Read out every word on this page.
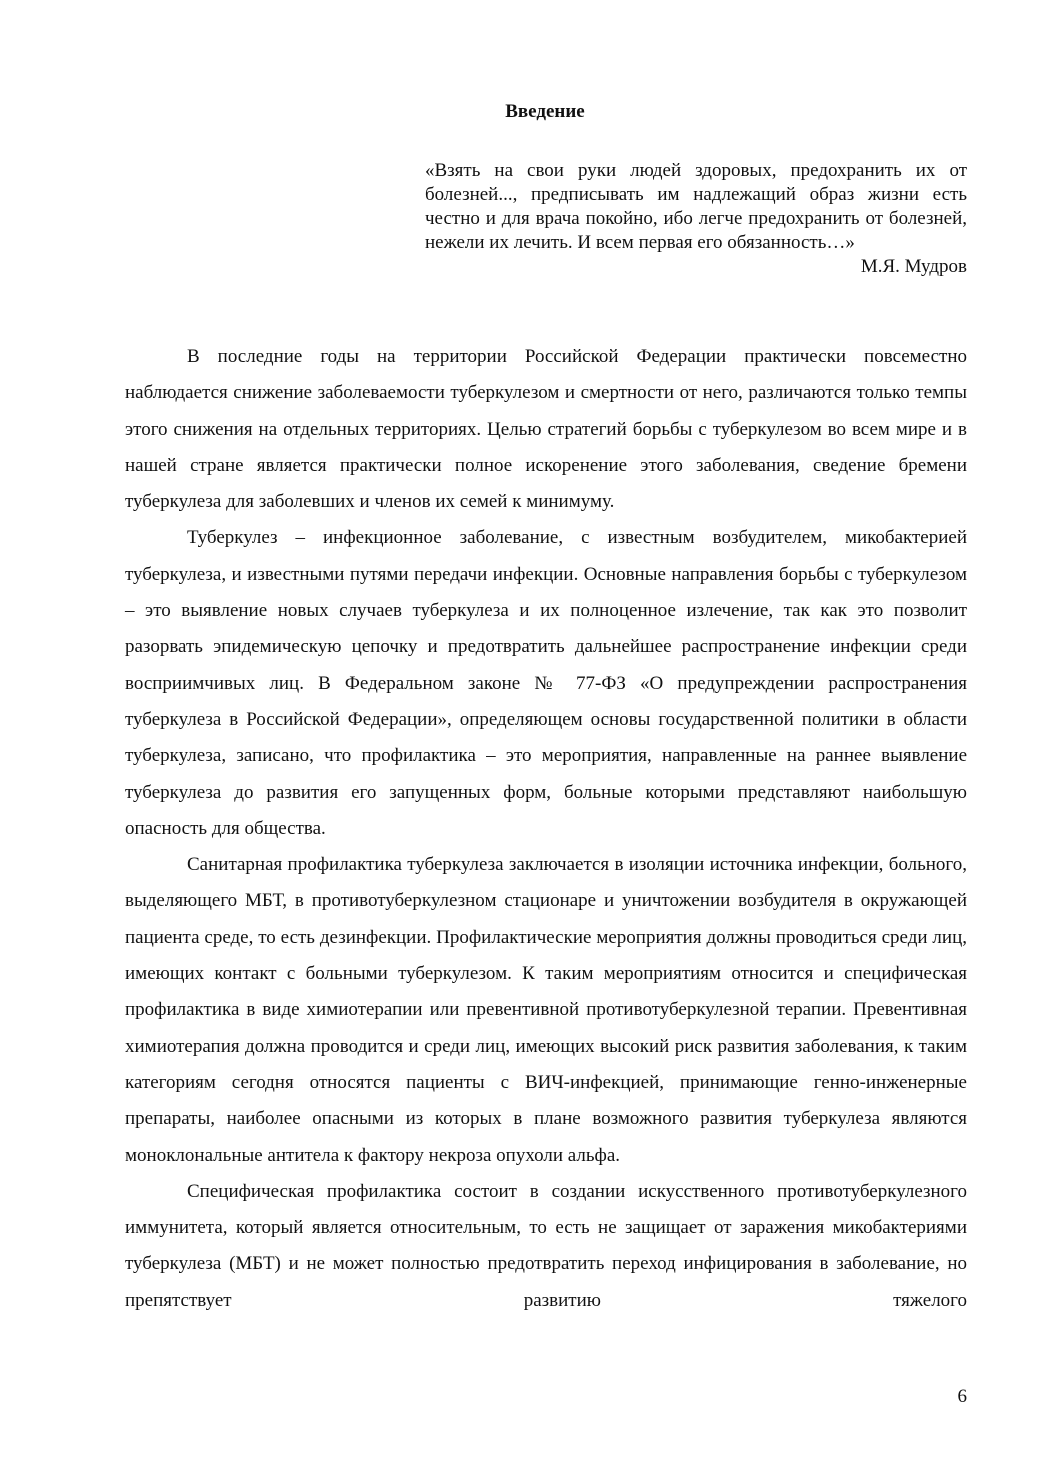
Введение

«Взять на свои руки людей здоровых, предохранить их от болезней..., предписывать им надлежащий образ жизни есть честно и для врача покойно, ибо легче предохранить от болезней, нежели их лечить. И всем первая его обязанность…»

М.Я. Мудров

В последние годы на территории Российской Федерации практически повсеместно наблюдается снижение заболеваемости туберкулезом и смертности от него, различаются только темпы этого снижения на отдельных территориях. Целью стратегий борьбы с туберкулезом во всем мире и в нашей стране является практически полное искоренение этого заболевания, сведение бремени туберкулеза для заболевших и членов их семей к минимуму.

Туберкулез – инфекционное заболевание, с известным возбудителем, микобактерией туберкулеза, и известными путями передачи инфекции. Основные направления борьбы с туберкулезом – это выявление новых случаев туберкулеза и их полноценное излечение, так как это позволит разорвать эпидемическую цепочку и предотвратить дальнейшее распространение инфекции среди восприимчивых лиц. В Федеральном законе № 77-ФЗ «О предупреждении распространения туберкулеза в Российской Федерации», определяющем основы государственной политики в области туберкулеза, записано, что профилактика – это мероприятия, направленные на раннее выявление туберкулеза до развития его запущенных форм, больные которыми представляют наибольшую опасность для общества.

Санитарная профилактика туберкулеза заключается в изоляции источника инфекции, больного, выделяющего МБТ, в противотуберкулезном стационаре и уничтожении возбудителя в окружающей пациента среде, то есть дезинфекции. Профилактические мероприятия должны проводиться среди лиц, имеющих контакт с больными туберкулезом. К таким мероприятиям относится и специфическая профилактика в виде химиотерапии или превентивной противотуберкулезной терапии. Превентивная химиотерапия должна проводится и среди лиц, имеющих высокий риск развития заболевания, к таким категориям сегодня относятся пациенты с ВИЧ-инфекцией, принимающие генно-инженерные препараты, наиболее опасными из которых в плане возможного развития туберкулеза являются моноклональные антитела к фактору некроза опухоли альфа.

Специфическая профилактика состоит в создании искусственного противотуберкулезного иммунитета, который является относительным, то есть не защищает от заражения микобактериями туберкулеза (МБТ) и не может полностью предотвратить переход инфицирования в заболевание, но препятствует развитию тяжелого

6
